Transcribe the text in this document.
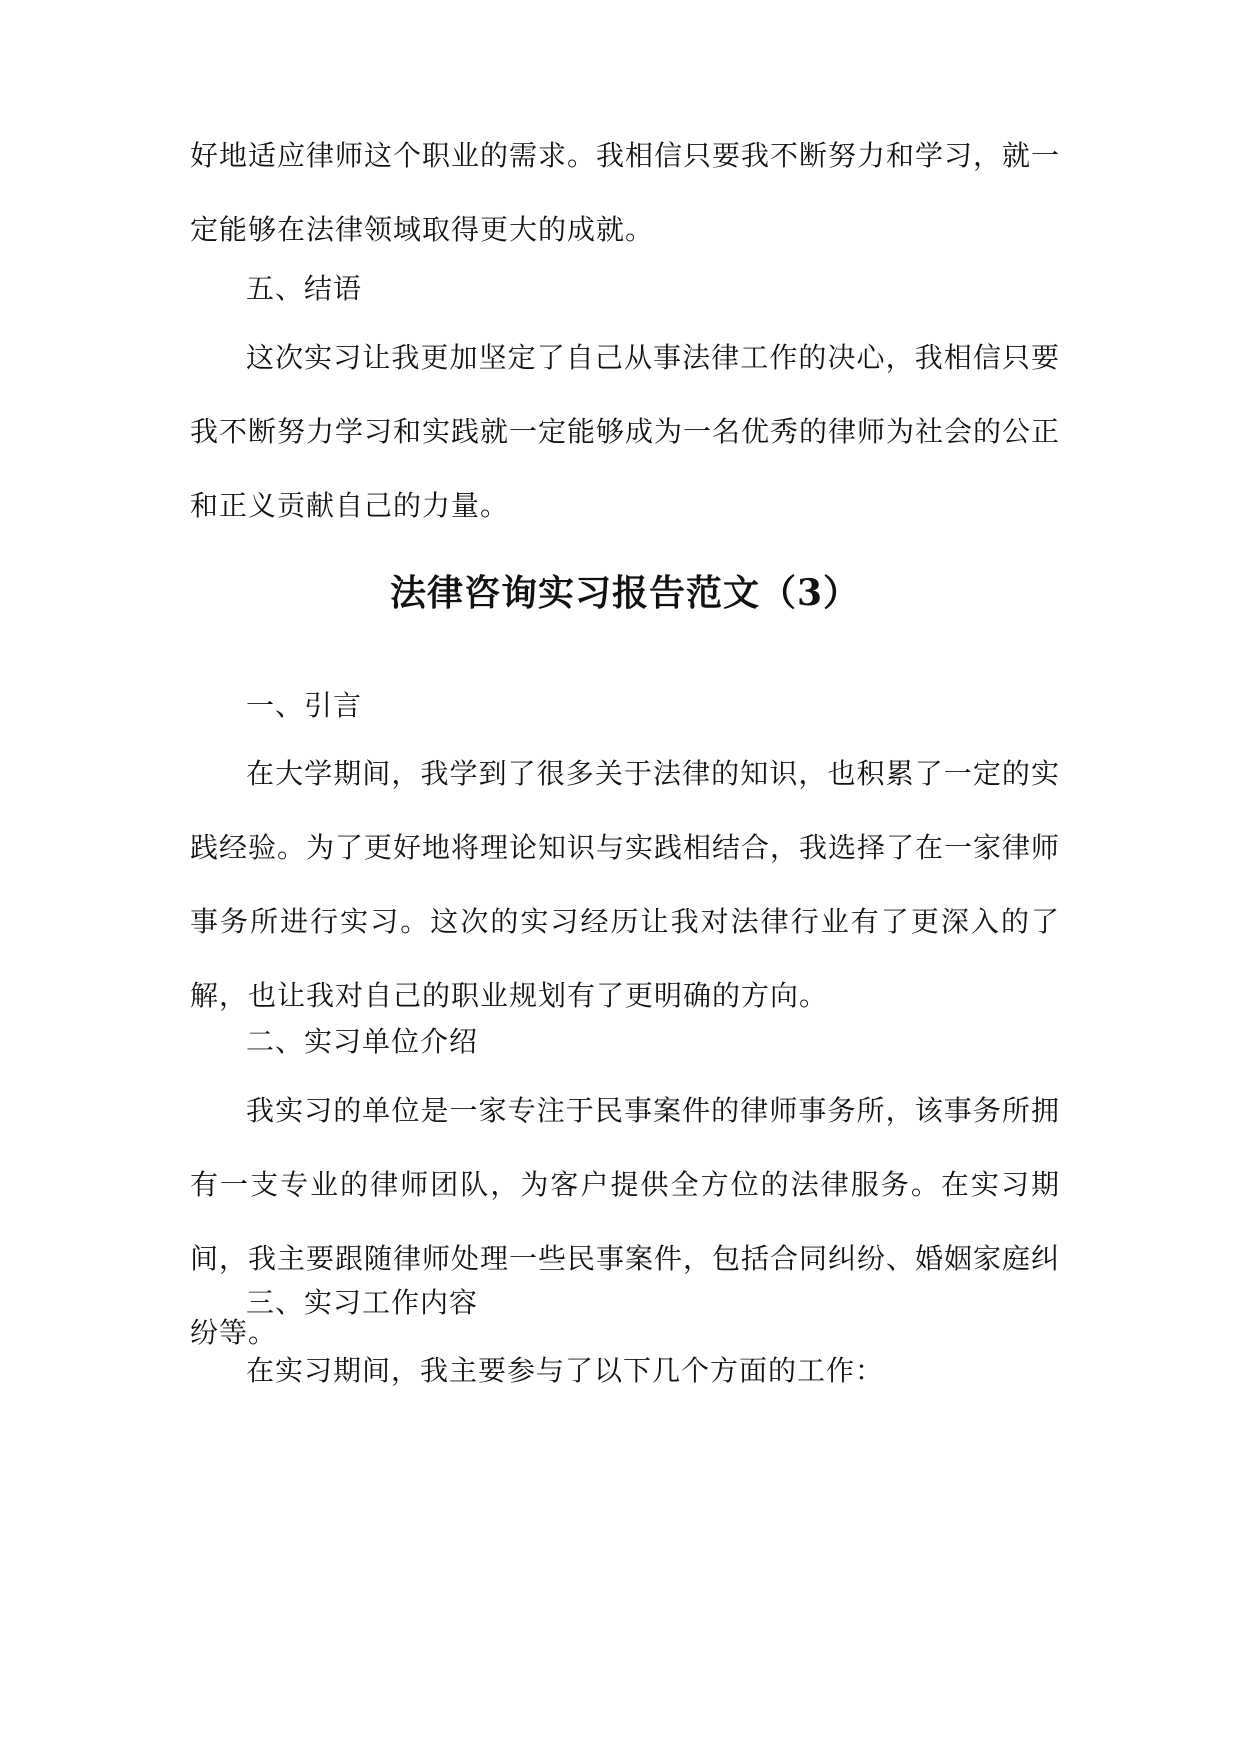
好地适应律师这个职业的需求。我相信只要我不断努力和学习，就一定能够在法律领域取得更大的成就。

五、结语

这次实习让我更加坚定了自己从事法律工作的决心，我相信只要我不断努力学习和实践就一定能够成为一名优秀的律师为社会的公正和正义贡献自己的力量。

法律咨询实习报告范文（3）

一、引言

在大学期间，我学到了很多关于法律的知识，也积累了一定的实践经验。为了更好地将理论知识与实践相结合，我选择了在一家律师事务所进行实习。这次的实习经历让我对法律行业有了更深入的了解，也让我对自己的职业规划有了更明确的方向。

二、实习单位介绍

我实习的单位是一家专注于民事案件的律师事务所，该事务所拥有一支专业的律师团队，为客户提供全方位的法律服务。在实习期间，我主要跟随律师处理一些民事案件，包括合同纠纷、婚姻家庭纠纷等。

三、实习工作内容

在实习期间，我主要参与了以下几个方面的工作：
